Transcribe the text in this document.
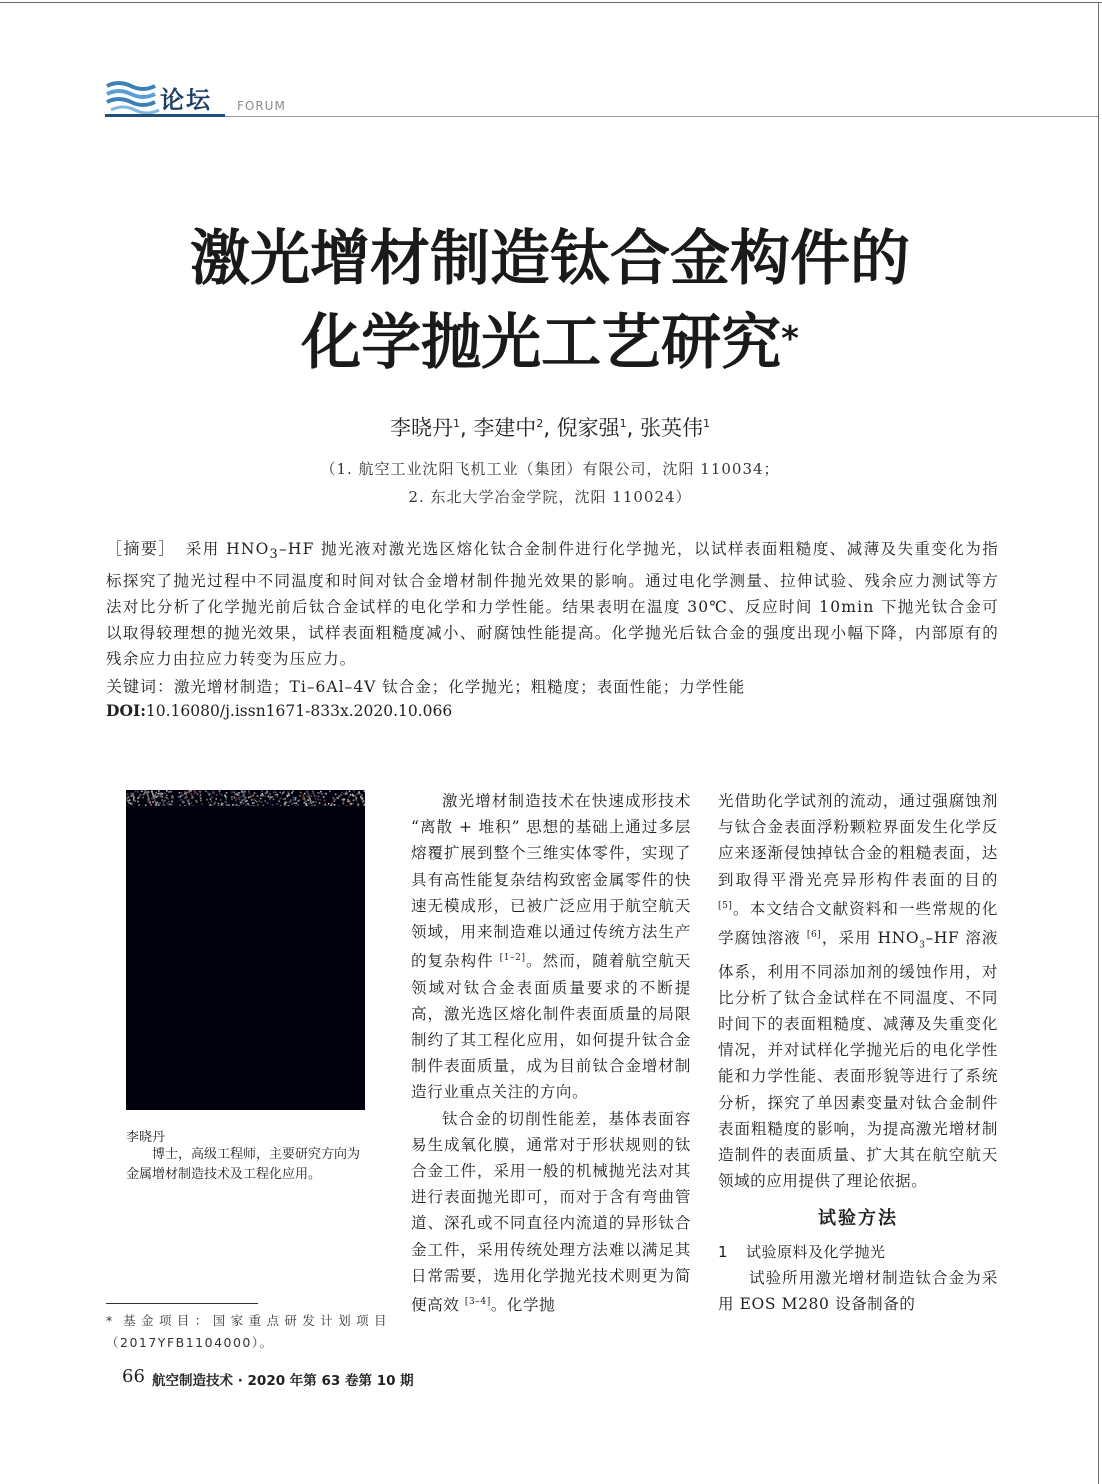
论坛 FORUM
激光增材制造钛合金构件的
化学抛光工艺研究*
李晓丹$^1$, 李建中$^2$, 倪家强$^1$, 张英伟$^1$
（1. 航空工业沈阳飞机工业（集团）有限公司，沈阳 110034；
2. 东北大学冶金学院，沈阳 110024）
［摘要］ 采用 $HNO_3-HF$ 抛光液对激光选区熔化钛合金制件进行化学抛光，以试样表面粗糙度、减薄及失重变化为指标探究了抛光过程中不同温度和时间对钛合金增材制件抛光效果的影响。通过电化学测量、拉伸试验、残余应力测试等方法对比分析了化学抛光前后钛合金试样的电化学和力学性能。结果表明在温度 30℃、反应时间 10min 下抛光钛合金可以取得较理想的抛光效果，试样表面粗糙度减小、耐腐蚀性能提高。化学抛光后钛合金的强度出现小幅下降，内部原有的残余应力由拉应力转变为压应力。
关键词：激光增材制造；Ti–6Al–4V 钛合金；化学抛光；粗糙度；表面性能；力学性能
DOI:10.16080/j.issn1671-833x.2020.10.066
李晓丹
博士，高级工程师，主要研究方向为金属增材制造技术及工程化应用。

激光增材制造技术在快速成形技术 “离散 + 堆积” 思想的基础上通过多层熔覆扩展到整个三维实体零件，实现了具有高性能复杂结构致密金属零件的快速无模成形，已被广泛应用于航空航天领域，用来制造难以通过传统方法生产的复杂构件 [1–2]。然而，随着航空航天领域对钛合金表面质量要求的不断提高，激光选区熔化制件表面质量的局限制约了其工程化应用，如何提升钛合金制件表面质量，成为目前钛合金增材制造行业重点关注的方向。

钛合金的切削性能差，基体表面容易生成氧化膜，通常对于形状规则的钛合金工件，采用一般的机械抛光法对其进行表面抛光即可，而对于含有弯曲管道、深孔或不同直径内流道的异形钛合金工件，采用传统处理方法难以满足其日常需要，选用化学抛光技术则更为简便高效 [3–4]。化学抛

光借助化学试剂的流动，通过强腐蚀剂与钛合金表面浮粉颗粒界面发生化学反应来逐渐侵蚀掉钛合金的粗糙表面，达到取得平滑光亮异形构件表面的目的 [5]。本文结合文献资料和一些常规的化学腐蚀溶液 [6]，采用 $HNO_3-HF$ 溶液体系，利用不同添加剂的缓蚀作用，对比分析了钛合金试样在不同温度、不同时间下的表面粗糙度、减薄及失重变化情况，并对试样化学抛光后的电化学性能和力学性能、表面形貌等进行了系统分析，探究了单因素变量对钛合金制件表面粗糙度的影响，为提高激光增材制造制件的表面质量、扩大其在航空航天领域的应用提供了理论依据。

试验方法

1 试验原料及化学抛光

试验所用激光增材制造钛合金为采用 EOS M280 设备制备的

* 基金项目：国家重点研发计划项目（2017YFB1104000）。
66 航空制造技术 · 2020 年第 63 卷第 10 期
